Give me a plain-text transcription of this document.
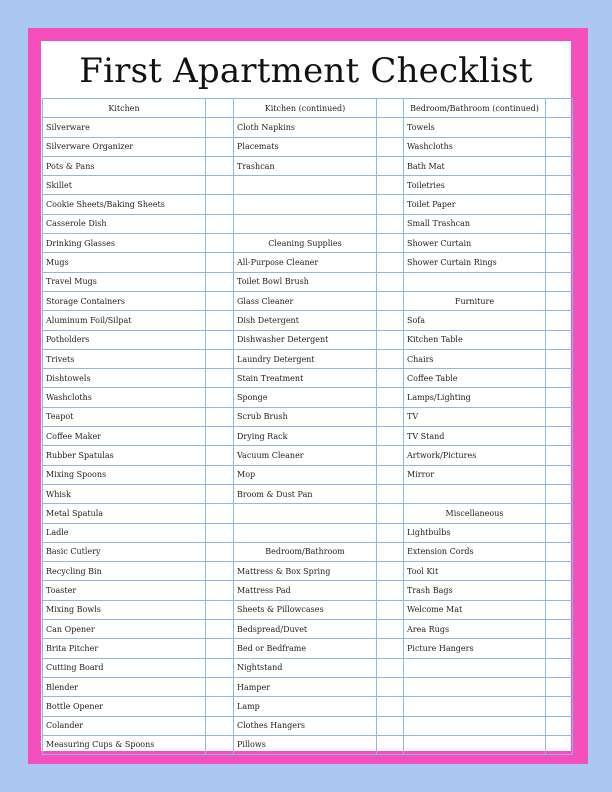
First Apartment Checklist
Kitchen		Kitchen (continued)		Bedroom/Bathroom (continued)	
Silverware		Cloth Napkins		Towels	
Silverware Organizer		Placemats		Washcloths	
Pots & Pans		Trashcan		Bath Mat	
Skillet				Toiletries	
Cookie Sheets/Baking Sheets				Toilet Paper	
Casserole Dish				Small Trashcan	
Drinking Glasses		Cleaning Supplies		Shower Curtain	
Mugs		All-Purpose Cleaner		Shower Curtain Rings	
Travel Mugs		Toilet Bowl Brush			
Storage Containers		Glass Cleaner		Furniture	
Aluminum Foil/Silpat		Dish Detergent		Sofa	
Potholders		Dishwasher Detergent		Kitchen Table	
Trivets		Laundry Detergent		Chairs	
Dishtowels		Stain Treatment		Coffee Table	
Washcloths		Sponge		Lamps/Lighting	
Teapot		Scrub Brush		TV	
Coffee Maker		Drying Rack		TV Stand	
Rubber Spatulas		Vacuum Cleaner		Artwork/Pictures	
Mixing Spoons		Mop		Mirror	
Whisk		Broom & Dust Pan			
Metal Spatula				Miscellaneous	
Ladle				Lightbulbs	
Basic Cutlery		Bedroom/Bathroom		Extension Cords	
Recycling Bin		Mattress & Box Spring		Tool Kit	
Toaster		Mattress Pad		Trash Bags	
Mixing Bowls		Sheets & Pillowcases		Welcome Mat	
Can Opener		Bedspread/Duvet		Area Rugs	
Brita Pitcher		Bed or Bedframe		Picture Hangers	
Cutting Board		Nightstand			
Blender		Hamper			
Bottle Opener		Lamp			
Colander		Clothes Hangers			
Measuring Cups & Spoons		Pillows			
